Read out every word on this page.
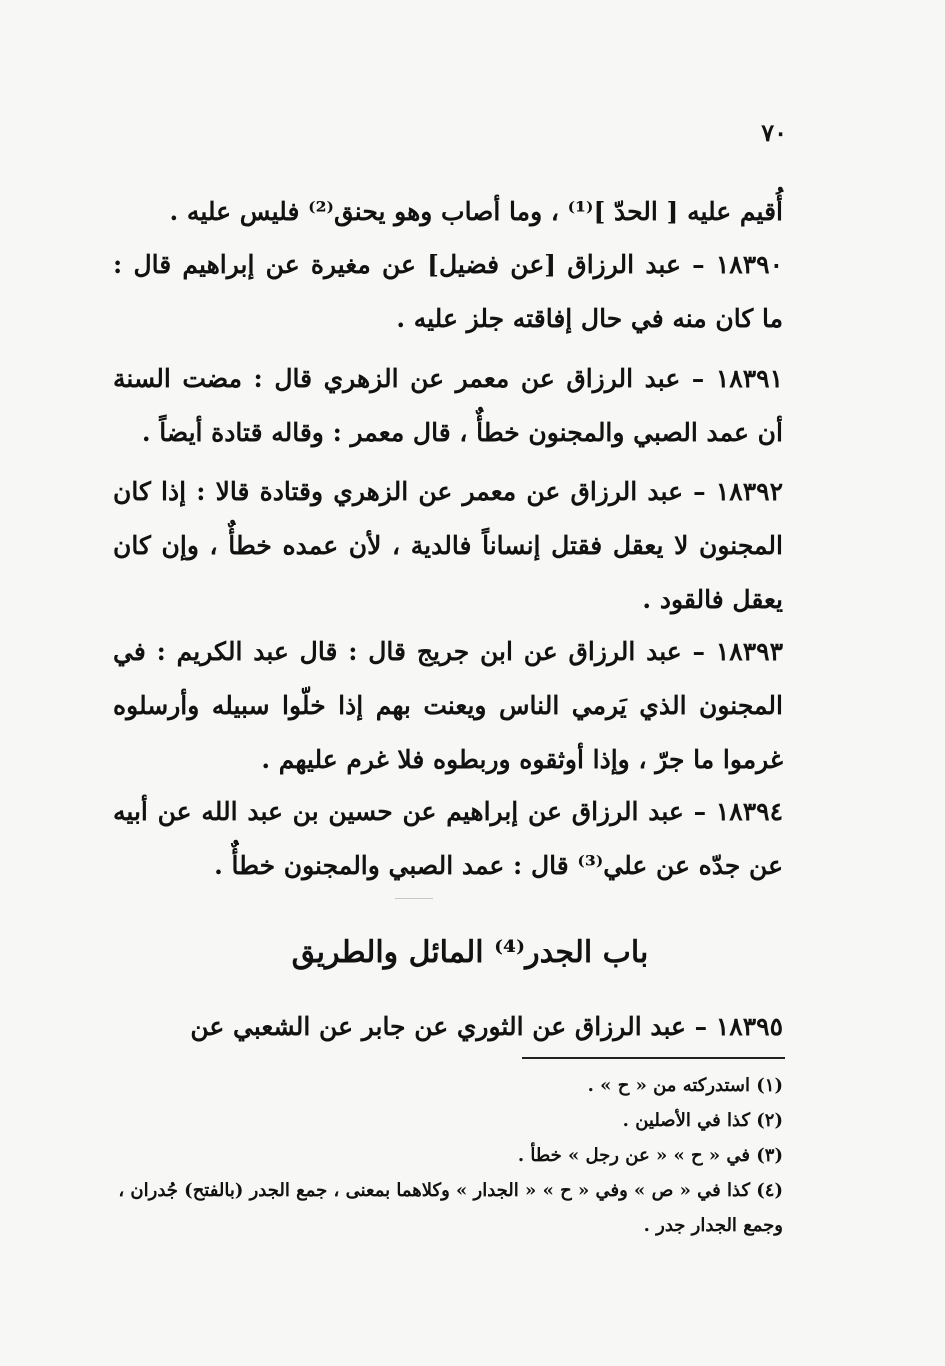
٧٠

أُقيم عليه [ الحدّ ]⁽¹⁾ ، وما أصاب وهو يحنق⁽²⁾ فليس عليه .

١٨٣٩٠ – عبد الرزاق [عن فضيل] عن مغيرة عن إبراهيم قال : ما كان منه في حال إفاقته جلز عليه .

١٨٣٩١ – عبد الرزاق عن معمر عن الزهري قال : مضت السنة أن عمد الصبي والمجنون خطأٌ ، قال معمر : وقاله قتادة أيضاً .

١٨٣٩٢ – عبد الرزاق عن معمر عن الزهري وقتادة قالا : إذا كان المجنون لا يعقل فقتل إنساناً فالدية ، لأن عمده خطأٌ ، وإن كان يعقل فالقود .

١٨٣٩٣ – عبد الرزاق عن ابن جريج قال : قال عبد الكريم : في المجنون الذي يَرمي الناس ويعنت بهم إذا خلّوا سبيله وأرسلوه غرموا ما جرّ ، وإذا أوثقوه وربطوه فلا غرم عليهم .

١٨٣٩٤ – عبد الرزاق عن إبراهيم عن حسين بن عبد الله عن أبيه عن جدّه عن علي⁽³⁾ قال : عمد الصبي والمجنون خطأٌ .

باب الجدر⁽⁴⁾ المائل والطريق

١٨٣٩٥ – عبد الرزاق عن الثوري عن جابر عن الشعبي عن

(١) استدركته من « ح » .

(٢) كذا في الأصلين .

(٣) في « ح » « عن رجل » خطأ .

(٤) كذا في « ص » وفي « ح » « الجدار » وكلاهما بمعنى ، جمع الجدر (بالفتح) جُدران ، وجمع الجدار جدر .
